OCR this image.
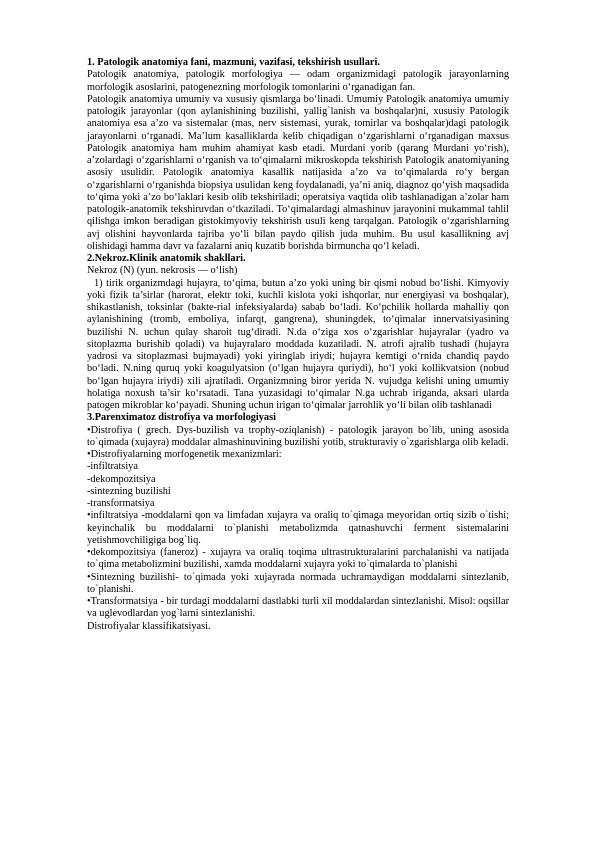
1. Patologik anatomiya fani, mazmuni, vazifasi, tekshirish usullari.

Patologik anatomiya, patologik morfologiya — odam organizmidagi patologik jarayonlarning morfologik asoslarini, patogenezning morfologik tomonlarini o‘rganadigan fan.

Patologik anatomiya umumiy va xususiy qismlarga bo‘linadi. Umumiy Patologik anatomiya umumiy patologik jarayonlar (qon aylanishining buzilishi, yallig`lanish va boshqalar)ni, xususiy Patologik anatomiya esa a’zo va sistemalar (mas, nerv sistemasi, yurak, tomirlar va boshqalar)dagi patologik jarayonlarni o‘rganadi. Ma’lum kasalliklarda kelib chiqadigan o‘zgarishlarni o‘rganadigan maxsus Patologik anatomiya ham muhim ahamiyat kasb etadi. Murdani yorib (qarang Murdani yo‘rish), a’zolardagi o‘zgarishlarni o‘rganish va to‘qimalarni mikroskopda tekshirish Patologik anatomiyaning asosiy usulidir. Patologik anatomiya kasallik natijasida a’zo va to‘qimalarda ro‘y bergan o‘zgarishlarni o‘rganishda biopsiya usulidan keng foydalanadi, ya’ni aniq, diagnoz qo‘yish maqsadida to‘qima yoki a’zo bo‘laklari kesib olib tekshiriladi; operatsiya vaqtida olib tashlanadigan a’zolar ham patologik-anatomik tekshiruvdan o‘tkaziladi. To‘qimalardagi almashinuv jarayonini mukammal tahlil qilishga imkon beradigan gistokimyoviy tekshirish usuli keng tarqalgan. Patologik o‘zgarishlarning avj olishini hayvonlarda tajriba yo‘li bilan paydo qilish juda muhim. Bu usul kasallikning avj olishidagi hamma davr va fazalarni aniq kuzatib borishda birmuncha qo‘l keladi.

2.Nekroz.Klinik anatomik shakllari.

Nekroz (N) (yun. nekrosis — o‘lish)

1) tirik organizmdagi hujayra, to‘qima, butun a’zo yoki uning bir qismi nobud bo‘lishi. Kimyoviy yoki fizik ta’sirlar (harorat, elektr toki, kuchli kislota yoki ishqorlar, nur energiyasi va boshqalar), shikastlanish, toksinlar (bakte-rial infeksiyalarda) sabab bo‘ladi. Ko‘pchilik hollarda mahalliy qon aylanishining (tromb, emboliya, infarqt, gangrena), shuningdek, to‘qimalar innervatsiyasining buzilishi N. uchun qulay sharoit tug‘diradi. N.da o‘ziga xos o‘zgarishlar hujayralar (yadro va sitoplazma burishib qoladi) va hujayralaro moddada kuzatiladi. N. atrofi ajralib tushadi (hujayra yadrosi va sitoplazmasi bujmayadi) yoki yiringlab iriydi; hujayra kemtigi o‘rnida chandiq paydo bo‘ladi. N.ning quruq yoki koagulyatsion (o‘lgan hujayra quriydi), ho‘l yoki kollikvatsion (nobud bo‘lgan hujayra iriydi) xili ajratiladi. Organizmning biror yerida N. vujudga kelishi uning umumiy holatiga noxush ta’sir ko‘rsatadi. Tana yuzasidagi to‘qimalar N.ga uchrab iriganda, aksari ularda patogen mikroblar ko‘payadi. Shuning uchun irigan to‘qimalar jarrohlik yo‘li bilan olib tashlanadi

3.Parenximatoz distrofiya va morfologiyasi

•Distrofiya ( grech. Dys-buzilish va trophy-oziqlanish) - patologik jarayon bo`lib, uning asosida to`qimada (xujayra) moddalar almashinuvining buzilishi yotib, strukturaviy o`zgarishlarga olib keladi.

•Distrofiyalarning morfogenetik mexanizmlari:

-infiltratsiya

-dekompozitsiya

-sintezning buzilishi

-transformatsiya

•infiltratsiya -moddalarni qon va limfadan xujayra va oraliq to`qimaga meyoridan ortiq sizib o`tishi; keyinchalik bu moddalarni to`planishi metabolizmda qatnashuvchi ferment sistemalarini yetishmovchiligiga bog`liq.

•dekompozitsiya (faneroz) - xujayra va oraliq toqima ultrastrukturalarini parchalanishi va natijada to`qima metabolizmini buzilishi, xamda moddalarni xujayra yoki to`qimalarda to`planishi

•Sintezning buzilishi- to`qimada yoki xujayrada normada uchramaydigan moddalarni sintezlanib, to`planishi.

•Transformatsiya - bir turdagi moddalarni dastlabki turli xil moddalardan sintezlanishi. Misol: oqsillar va uglevodlardan yog`larni sintezlanishi.

Distrofiyalar klassifikatsiyasi.
